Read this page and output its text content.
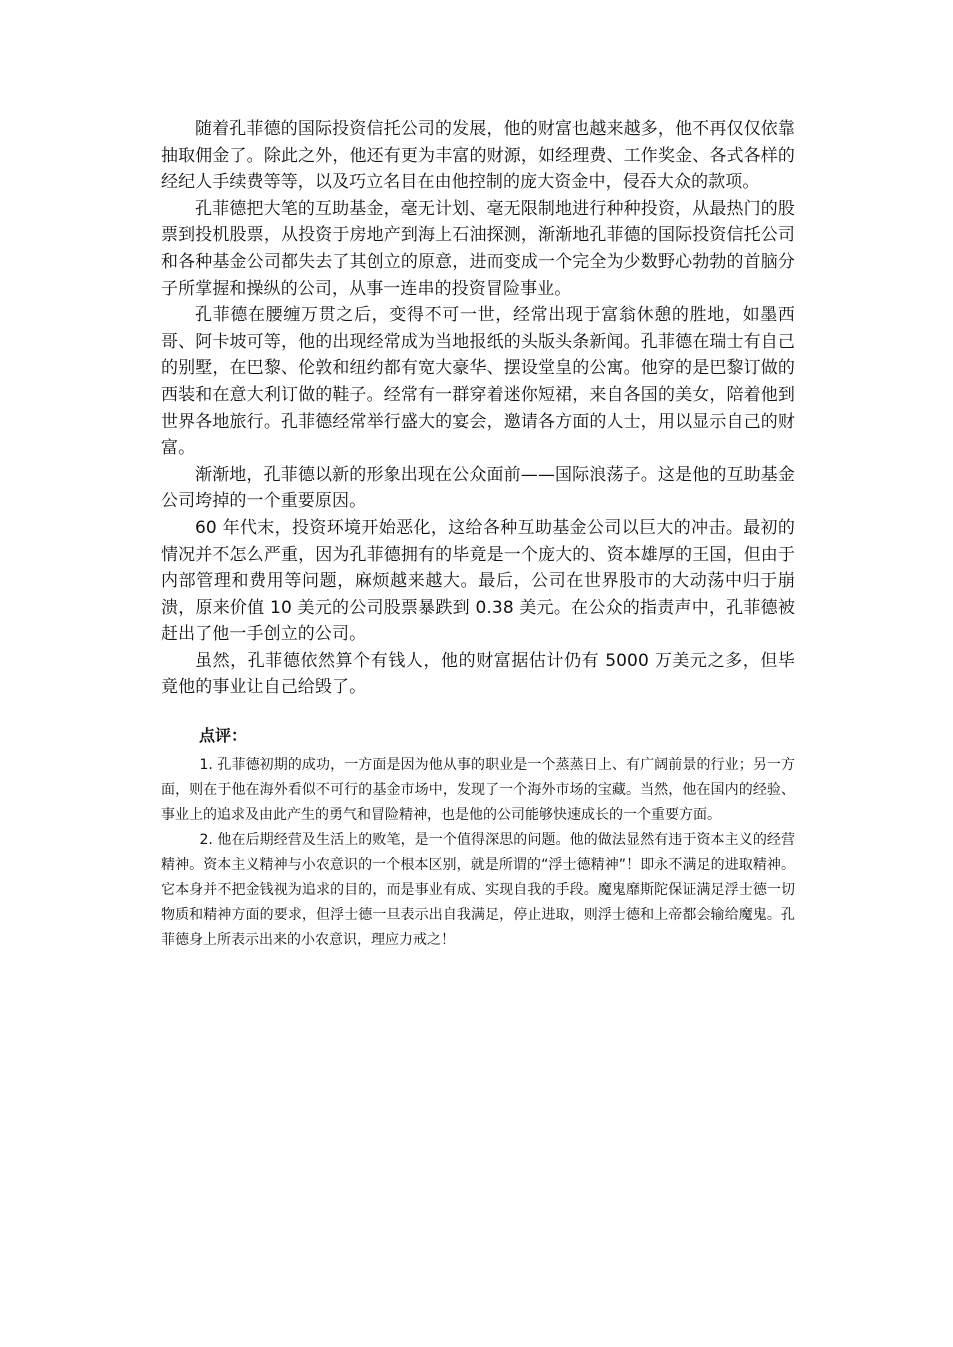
随着孔菲德的国际投资信托公司的发展，他的财富也越来越多，他不再仅仅依靠抽取佣金了。除此之外，他还有更为丰富的财源，如经理费、工作奖金、各式各样的经纪人手续费等等，以及巧立名目在由他控制的庞大资金中，侵吞大众的款项。

孔菲德把大笔的互助基金，毫无计划、毫无限制地进行种种投资，从最热门的股票到投机股票，从投资于房地产到海上石油探测，渐渐地孔菲德的国际投资信托公司和各种基金公司都失去了其创立的原意，进而变成一个完全为少数野心勃勃的首脑分子所掌握和操纵的公司，从事一连串的投资冒险事业。

孔菲德在腰缠万贯之后，变得不可一世，经常出现于富翁休憩的胜地，如墨西哥、阿卡坡可等，他的出现经常成为当地报纸的头版头条新闻。孔菲德在瑞士有自己的别墅，在巴黎、伦敦和纽约都有宽大豪华、摆设堂皇的公寓。他穿的是巴黎订做的西装和在意大利订做的鞋子。经常有一群穿着迷你短裙，来自各国的美女，陪着他到世界各地旅行。孔菲德经常举行盛大的宴会，邀请各方面的人士，用以显示自己的财富。

渐渐地，孔菲德以新的形象出现在公众面前——国际浪荡子。这是他的互助基金公司垮掉的一个重要原因。

60 年代末，投资环境开始恶化，这给各种互助基金公司以巨大的冲击。最初的情况并不怎么严重，因为孔菲德拥有的毕竟是一个庞大的、资本雄厚的王国，但由于内部管理和费用等问题，麻烦越来越大。最后，公司在世界股市的大动荡中归于崩溃，原来价值 10 美元的公司股票暴跌到 0.38 美元。在公众的指责声中，孔菲德被赶出了他一手创立的公司。

虽然，孔菲德依然算个有钱人，他的财富据估计仍有 5000 万美元之多，但毕竟他的事业让自己给毁了。

点评：

1. 孔菲德初期的成功，一方面是因为他从事的职业是一个蒸蒸日上、有广阔前景的行业；另一方面，则在于他在海外看似不可行的基金市场中，发现了一个海外市场的宝藏。当然，他在国内的经验、事业上的追求及由此产生的勇气和冒险精神，也是他的公司能够快速成长的一个重要方面。

2. 他在后期经营及生活上的败笔，是一个值得深思的问题。他的做法显然有违于资本主义的经营精神。资本主义精神与小农意识的一个根本区别，就是所谓的“浮士德精神”！即永不满足的进取精神。它本身并不把金钱视为追求的目的，而是事业有成、实现自我的手段。魔鬼靡斯陀保证满足浮士德一切物质和精神方面的要求，但浮士德一旦表示出自我满足，停止进取，则浮士德和上帝都会输给魔鬼。孔菲德身上所表示出来的小农意识，理应力戒之！
